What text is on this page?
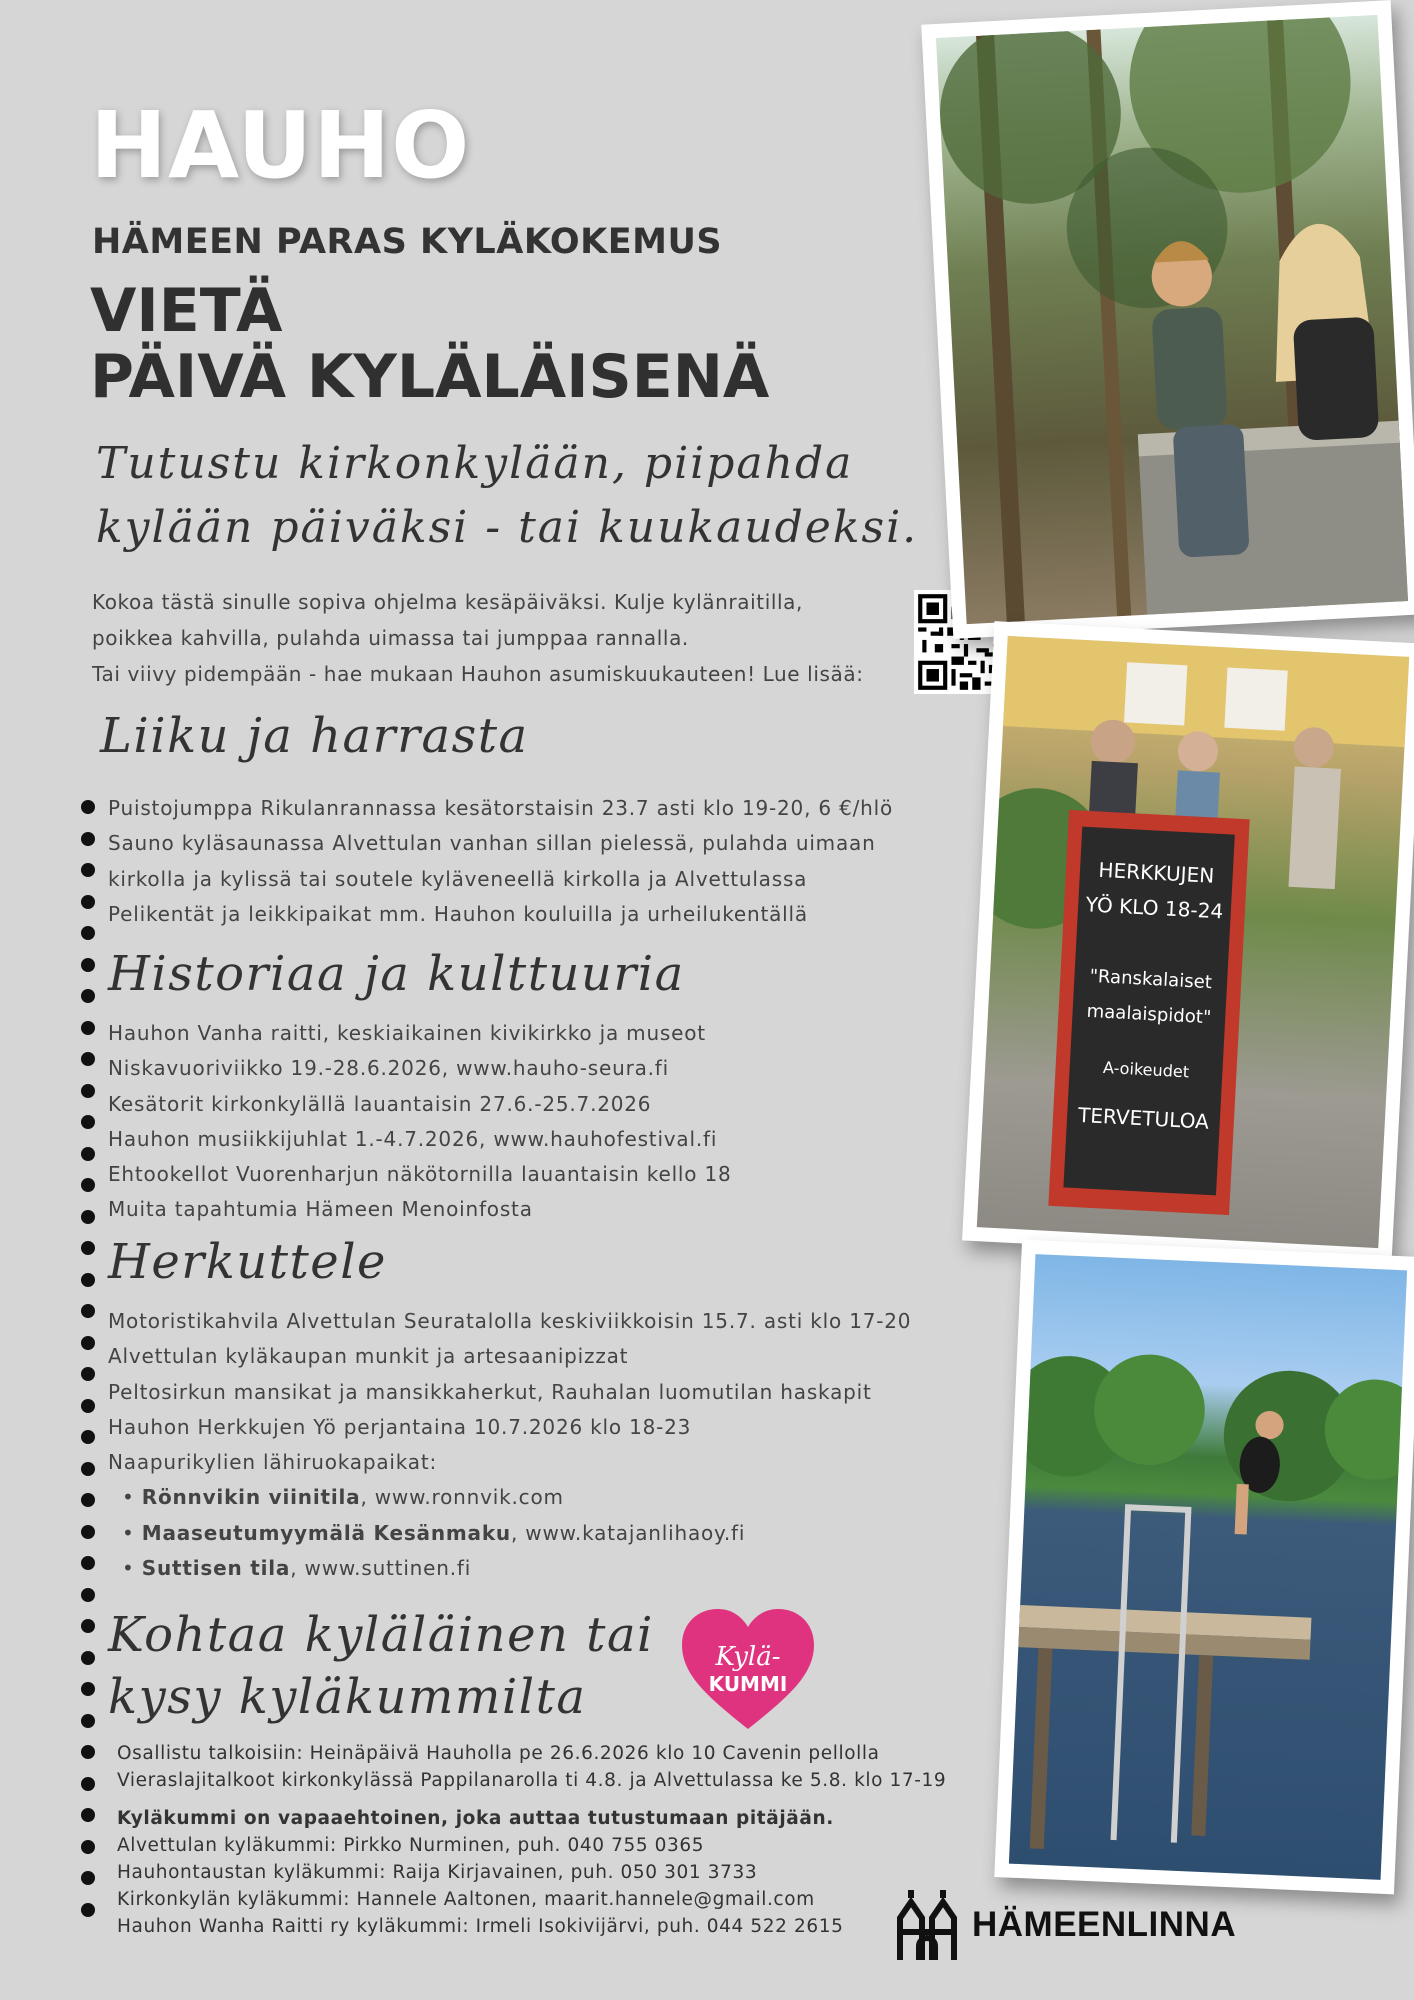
HAUHO
HÄMEEN PARAS KYLÄKOKEMUS
VIETÄ
PÄIVÄ KYLÄLÄISENÄ
Tutustu kirkonkylään, piipahda
kylään päiväksi - tai kuukaudeksi.
Kokoa tästä sinulle sopiva ohjelma kesäpäiväksi. Kulje kylänraitilla,
poikkea kahvilla, pulahda uimassa tai jumppaa rannalla.
Tai viivy pidempään - hae mukaan Hauhon asumiskuukauteen! Lue lisää:
Liiku ja harrasta
Puistojumppa Rikulanrannassa kesätorstaisin 23.7 asti klo 19-20, 6 €/hlö
Sauno kyläsaunassa Alvettulan vanhan sillan pielessä, pulahda uimaan
kirkolla ja kylissä tai soutele kyläveneellä kirkolla ja Alvettulassa
Pelikentät ja leikkipaikat mm. Hauhon kouluilla ja urheilukentällä
Historiaa ja kulttuuria
Hauhon Vanha raitti, keskiaikainen kivikirkko ja museot
Niskavuoriviikko 19.-28.6.2026, www.hauho-seura.fi
Kesätorit kirkonkylällä lauantaisin 27.6.-25.7.2026
Hauhon musiikkijuhlat 1.-4.7.2026, www.hauhofestival.fi
Ehtookellot Vuorenharjun näkötornilla lauantaisin kello 18
Muita tapahtumia Hämeen Menoinfosta
Herkuttele
Motoristikahvila Alvettulan Seuratalolla keskiviikkoisin 15.7. asti klo 17-20
Alvettulan kyläkaupan munkit ja artesaanipizzat
Peltosirkun mansikat ja mansikkaherkut, Rauhalan luomutilan haskapit
Hauhon Herkkujen Yö perjantaina 10.7.2026 klo 18-23
Naapurikylien lähiruokapaikat:
• Rönnvikin viinitila, www.ronnvik.com
• Maaseutumyymälä Kesänmaku, www.katajanlihaoy.fi
• Suttisen tila, www.suttinen.fi
Kohtaa kyläläinen tai
kysy kyläkummilta
Kylä-
KUMMI
Osallistu talkoisiin: Heinäpäivä Hauholla pe 26.6.2026 klo 10 Cavenin pellolla
Vieraslajitalkoot kirkonkylässä Pappilanarolla ti 4.8. ja Alvettulassa ke 5.8. klo 17-19
Kyläkummi on vapaaehtoinen, joka auttaa tutustumaan pitäjään.
Alvettulan kyläkummi: Pirkko Nurminen, puh. 040 755 0365
Hauhontaustan kyläkummi: Raija Kirjavainen, puh. 050 301 3733
Kirkonkylän kyläkummi: Hannele Aaltonen, maarit.hannele@gmail.com
Hauhon Wanha Raitti ry kyläkummi: Irmeli Isokivijärvi, puh. 044 522 2615
HERKKUJEN
YÖ KLO 18-24
"Ranskalaiset
maalaispidot"
A-oikeudet
TERVETULOA
HÄMEENLINNA
